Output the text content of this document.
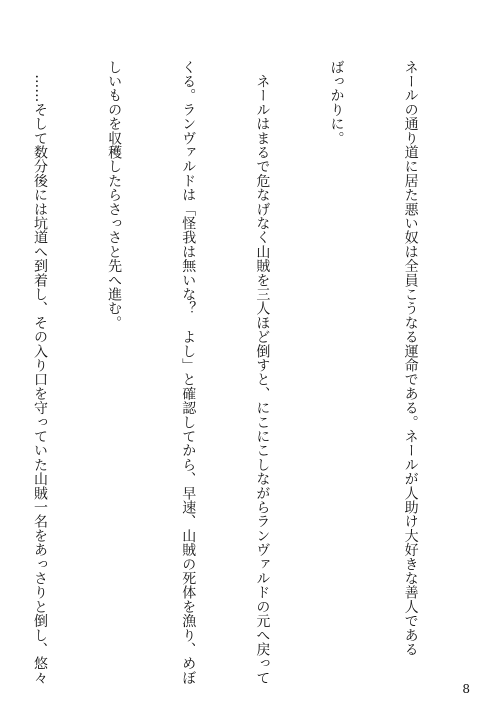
ネールの通り道に居た悪い奴は全員こうなる運命である。ネールが人助け大好きな善人である

ばっかりに。

　ネールはまるで危なげなく山賊を三人ほど倒すと、にこにこしながらランヴァルドの元へ戻って

くる。ランヴァルドは「怪我は無いな？　よし」と確認してから、早速、山賊の死体を漁り、めぼ

しいものを収穫したらさっさと先へ進む。

　……そして数分後には坑道へ到着し、その入り口を守っていた山賊一名をあっさりと倒し、悠々

8
